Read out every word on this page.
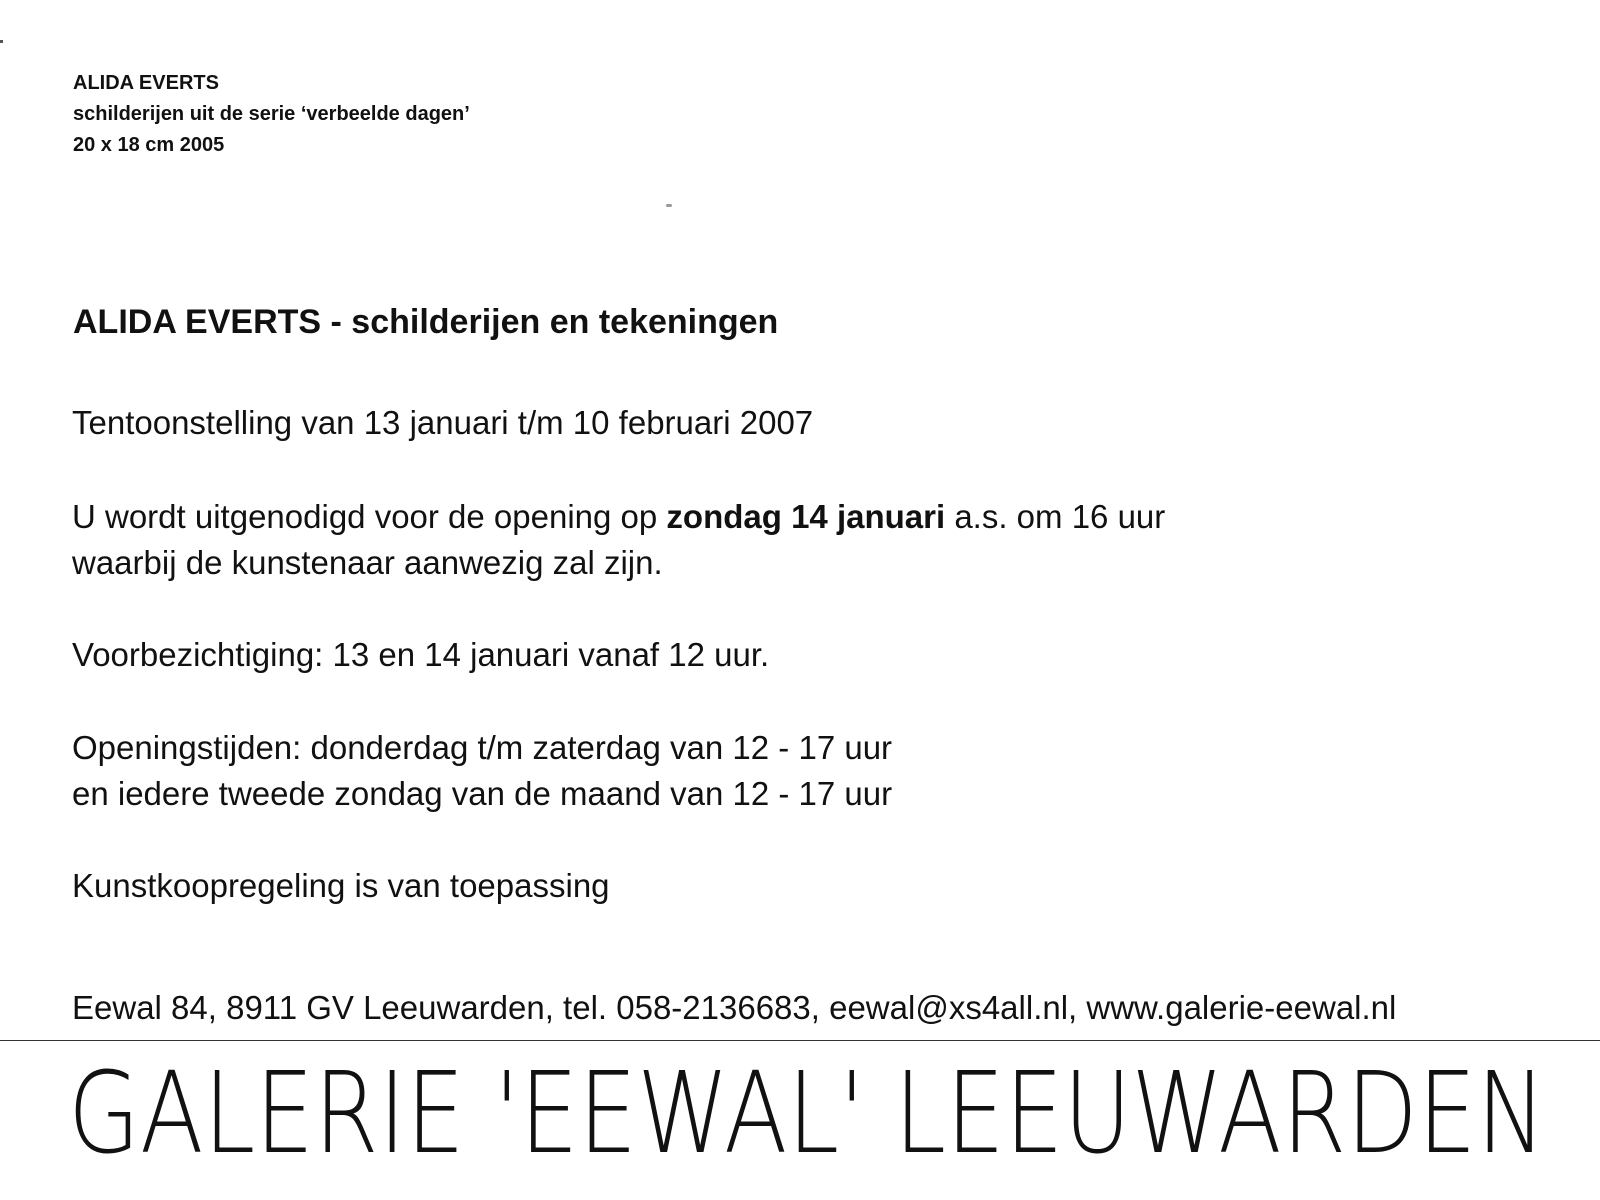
ALIDA EVERTS
schilderijen uit de serie ‘verbeelde dagen’
20 x 18 cm 2005
ALIDA EVERTS - schilderijen en tekeningen
Tentoonstelling van 13 januari t/m 10 februari 2007
U wordt uitgenodigd voor de opening op zondag 14 januari a.s. om 16 uur
waarbij de kunstenaar aanwezig zal zijn.
Voorbezichtiging: 13 en 14 januari vanaf 12 uur.
Openingstijden: donderdag t/m zaterdag van 12 - 17 uur
en iedere tweede zondag van de maand van 12 - 17 uur
Kunstkoopregeling is van toepassing
Eewal 84, 8911 GV Leeuwarden, tel. 058-2136683, eewal@xs4all.nl, www.galerie-eewal.nl
GALERIE 'EEWAL' LEEUWARDEN
